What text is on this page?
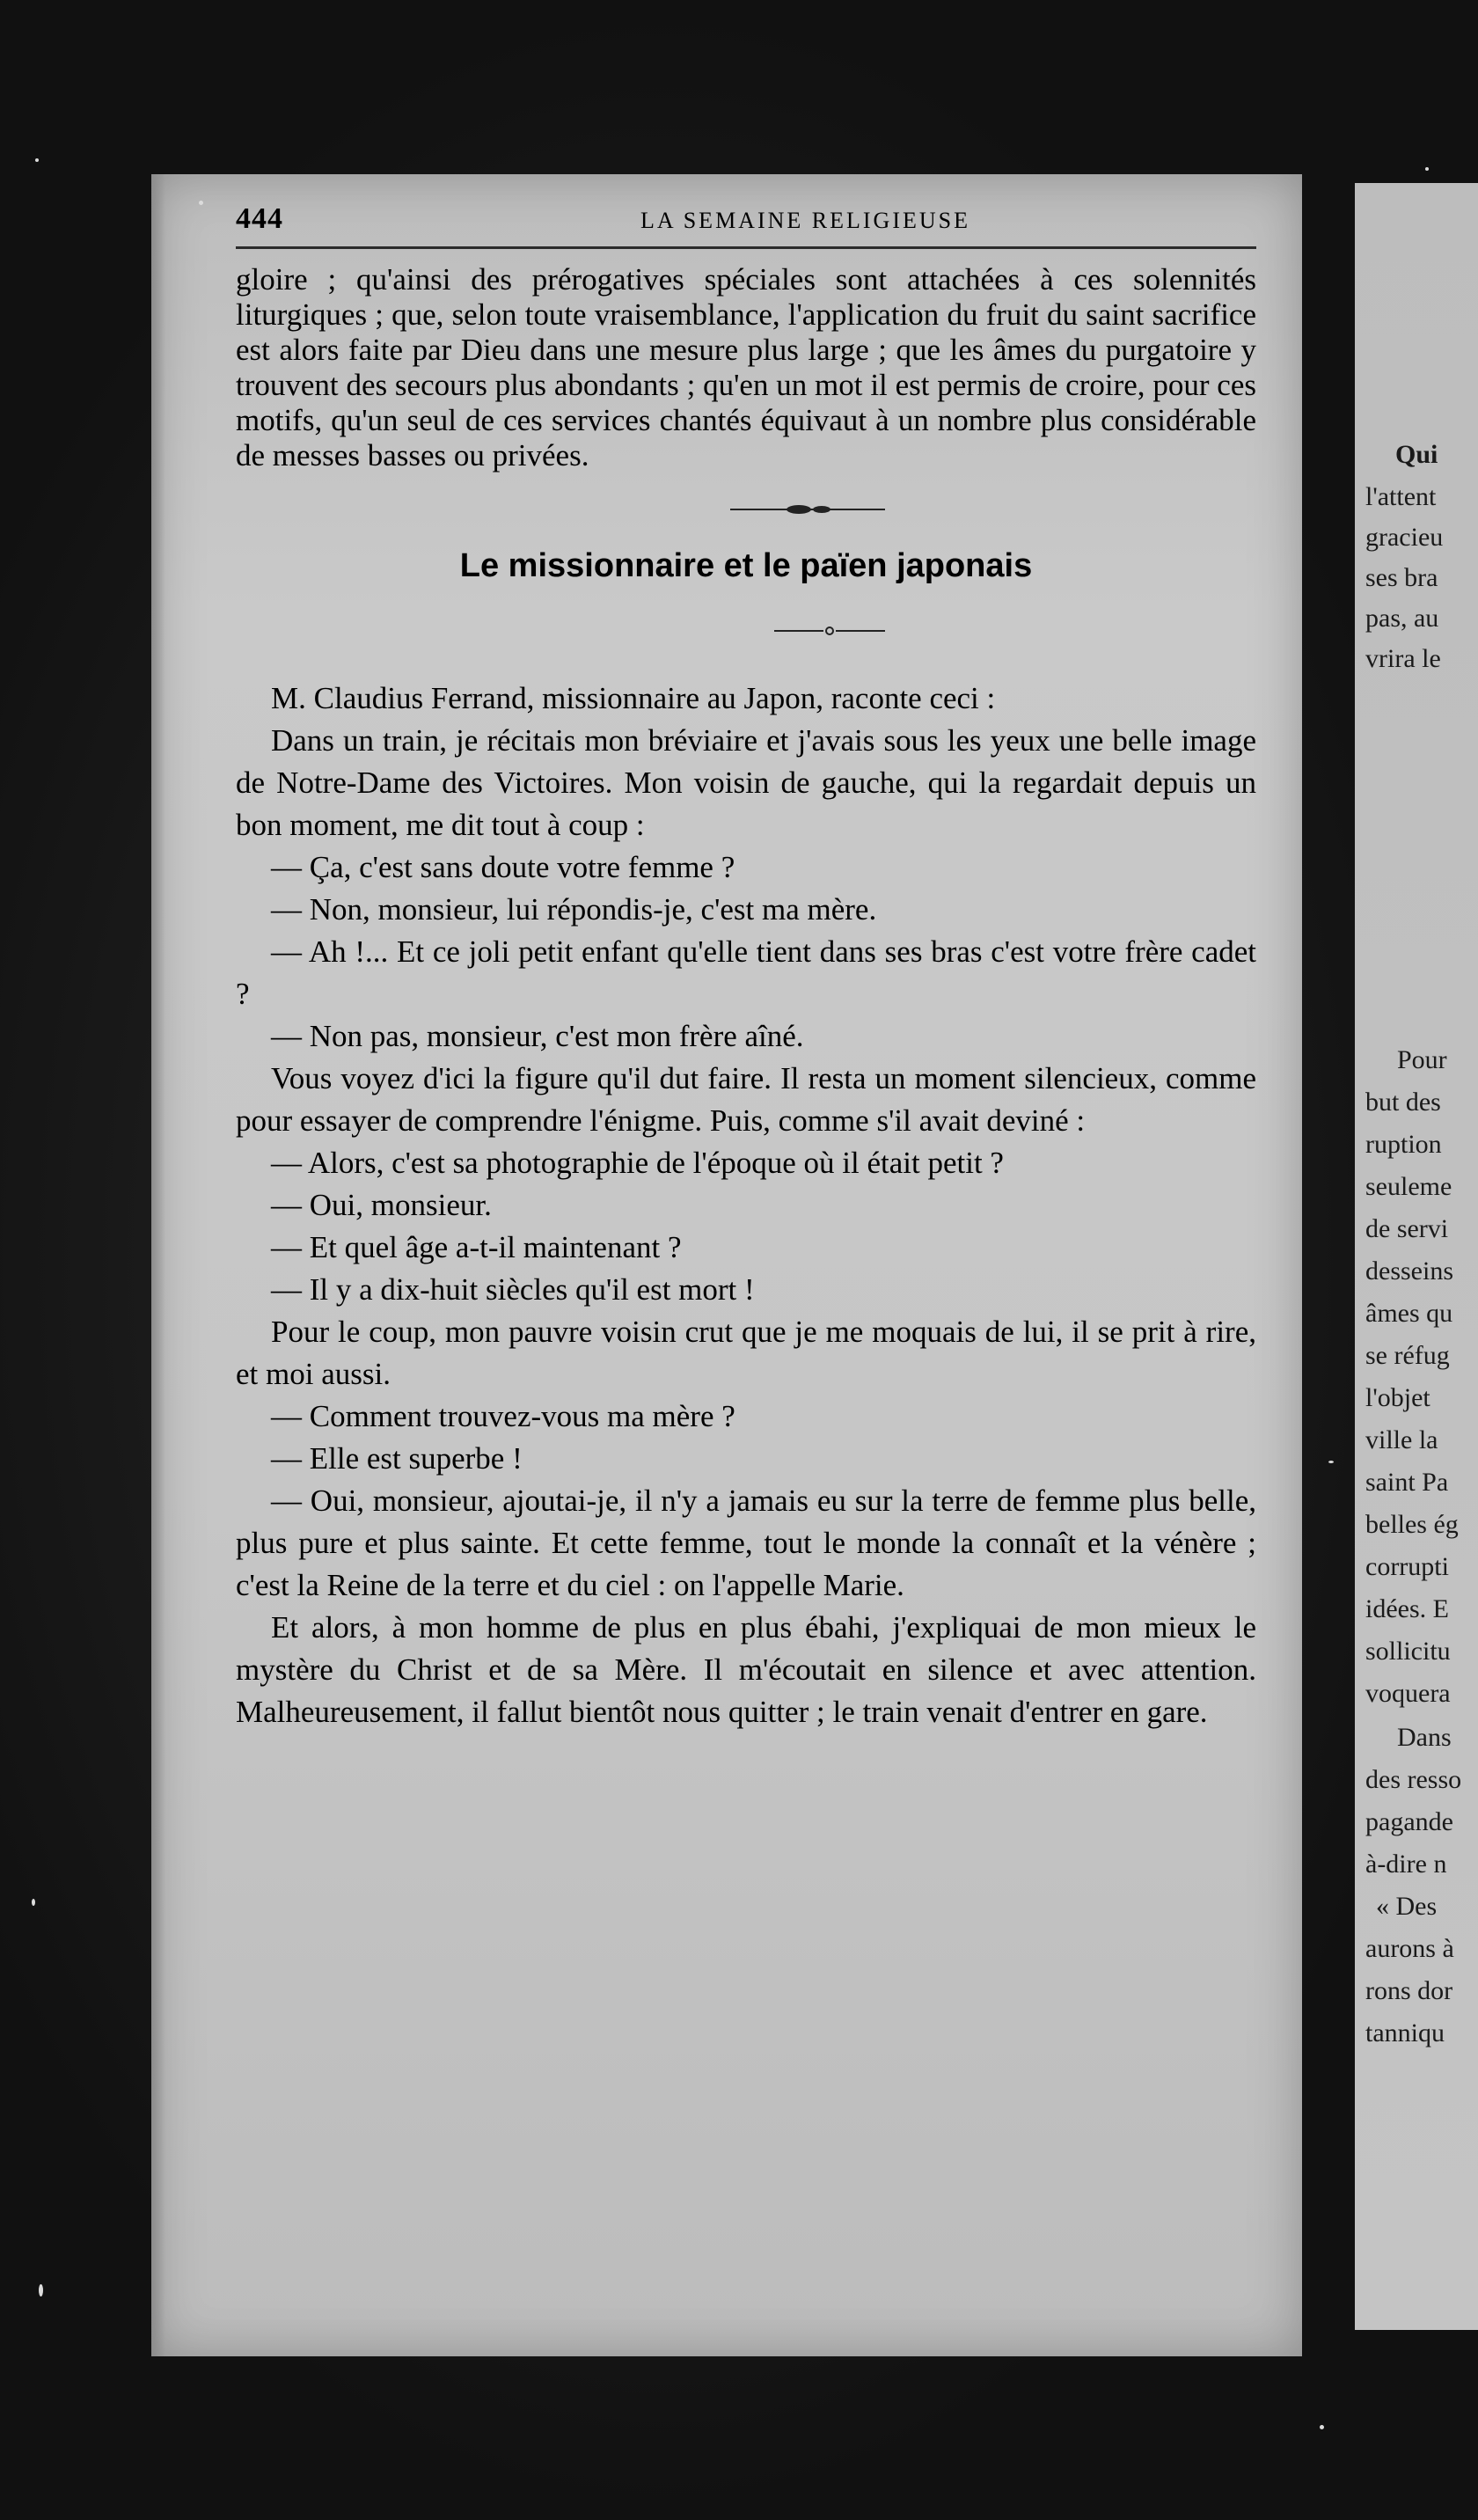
444	LA SEMAINE RELIGIEUSE

gloire ; qu'ainsi des prérogatives spéciales sont attachées à ces solennités liturgiques ; que, selon toute vraisemblance, l'application du fruit du saint sacrifice est alors faite par Dieu dans une mesure plus large ; que les âmes du purgatoire y trouvent des secours plus abondants ; qu'en un mot il est permis de croire, pour ces motifs, qu'un seul de ces services chantés équivaut à un nombre plus considérable de messes basses ou privées.

Le missionnaire et le païen japonais

M. Claudius Ferrand, missionnaire au Japon, raconte ceci :

Dans un train, je récitais mon bréviaire et j'avais sous les yeux une belle image de Notre-Dame des Victoires. Mon voisin de gauche, qui la regardait depuis un bon moment, me dit tout à coup :

— Ça, c'est sans doute votre femme ?

— Non, monsieur, lui répondis-je, c'est ma mère.

— Ah !... Et ce joli petit enfant qu'elle tient dans ses bras c'est votre frère cadet ?

— Non pas, monsieur, c'est mon frère aîné.

Vous voyez d'ici la figure qu'il dut faire. Il resta un moment silencieux, comme pour essayer de comprendre l'énigme. Puis, comme s'il avait deviné :

— Alors, c'est sa photographie de l'époque où il était petit ?

— Oui, monsieur.

— Et quel âge a-t-il maintenant ?

— Il y a dix-huit siècles qu'il est mort !

Pour le coup, mon pauvre voisin crut que je me moquais de lui, il se prit à rire, et moi aussi.

— Comment trouvez-vous ma mère ?

— Elle est superbe !

— Oui, monsieur, ajoutai-je, il n'y a jamais eu sur la terre de femme plus belle, plus pure et plus sainte. Et cette femme, tout le monde la connaît et la vénère ; c'est la Reine de la terre et du ciel : on l'appelle Marie.

Et alors, à mon homme de plus en plus ébahi, j'expliquai de mon mieux le mystère du Christ et de sa Mère. Il m'écoutait en silence et avec attention. Malheureusement, il fallut bientôt nous quitter ; le train venait d'entrer en gare.

Qui
l'attent
gracieu
ses bra
pas, au
vrira le
Pour
but des
ruption
seuleme
de servi
desseins
âmes qu
se réfug
l'objet
ville la
saint Pa
belles ég
corrupti
idées. E
sollicitu
voquera
Dans
des resso
pagande
à-dire n
« Des
aurons à
rons dor
tanniqu
